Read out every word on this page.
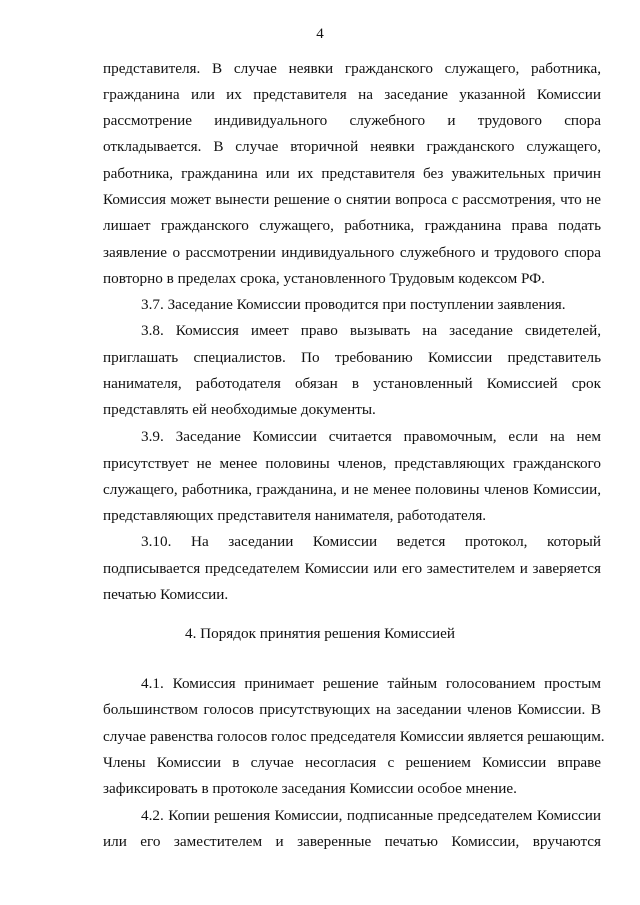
4
представителя. В случае неявки гражданского служащего, работника,
гражданина или их представителя на заседание указанной Комиссии
рассмотрение индивидуального служебного и трудового спора
откладывается. В случае вторичной неявки гражданского служащего,
работника, гражданина или их представителя без уважительных причин
Комиссия может вынести решение о снятии вопроса с рассмотрения, что не
лишает гражданского служащего, работника, гражданина права подать
заявление о рассмотрении индивидуального служебного и трудового спора
повторно в пределах срока, установленного Трудовым кодексом РФ.
3.7. Заседание Комиссии проводится при поступлении заявления.
3.8. Комиссия имеет право вызывать на заседание свидетелей,
приглашать специалистов. По требованию Комиссии представитель
нанимателя, работодателя обязан в установленный Комиссией срок
представлять ей необходимые документы.
3.9. Заседание Комиссии считается правомочным, если на нем
присутствует не менее половины членов, представляющих гражданского
служащего, работника, гражданина, и не менее половины членов Комиссии,
представляющих представителя нанимателя, работодателя.
3.10. На заседании Комиссии ведется протокол, который
подписывается председателем Комиссии или его заместителем и заверяется
печатью Комиссии.
4. Порядок принятия решения Комиссией
4.1. Комиссия принимает решение тайным голосованием простым
большинством голосов присутствующих на заседании членов Комиссии. В
случае равенства голосов голос председателя Комиссии является решающим.
Члены Комиссии в случае несогласия с решением Комиссии вправе
зафиксировать в протоколе заседания Комиссии особое мнение.
4.2. Копии решения Комиссии, подписанные председателем Комиссии
или его заместителем и заверенные печатью Комиссии, вручаются
